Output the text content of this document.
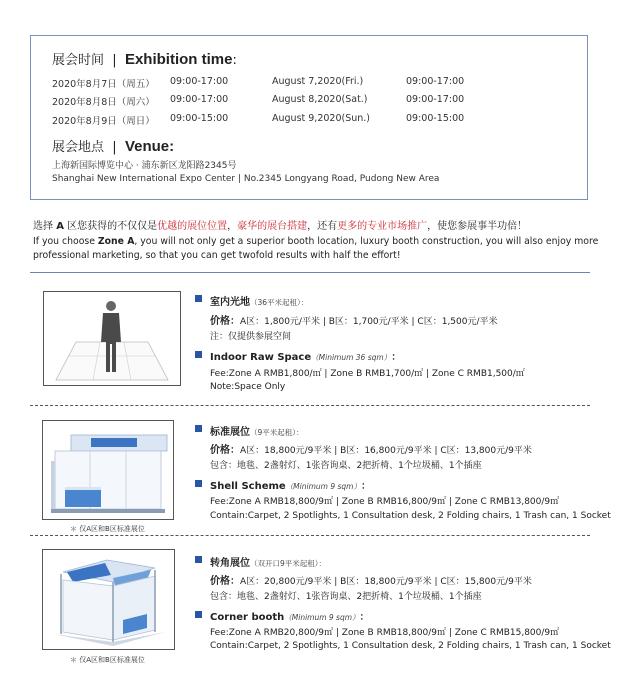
展会时间 | Exhibition time:
2020年8月7日（周五） 09:00-17:00	August 7,2020(Fri.)	09:00-17:00
2020年8月8日（周六） 09:00-17:00	August 8,2020(Sat.)	09:00-17:00
2020年8月9日（周日） 09:00-15:00	August 9,2020(Sun.)	09:00-15:00
展会地点 | Venue:
上海新国际博览中心 · 浦东新区龙阳路2345号
Shanghai New International Expo Center | No.2345 Longyang Road, Pudong New Area
选择 A 区您获得的不仅仅是优越的展位位置，豪华的展台搭建，还有更多的专业市场推广，使您参展事半功倍！
If you choose Zone A, you will not only get a superior booth location, luxury booth construction, you will also enjoy more professional marketing, so that you can get twofold results with half the effort!
室内光地（36平米起租）：
价格：A区：1,800元/平米 | B区：1,700元/平米 | C区：1,500元/平米
注：仅提供参展空间
Indoor Raw Space（Minimum 36 sqm）：
Fee:Zone A RMB1,800/㎡ | Zone B RMB1,700/㎡ | Zone C RMB1,500/㎡
Note:Space Only
＊ 仅A区和B区标准展位
标准展位（9平米起租）：
价格：A区：18,800元/9平米 | B区：16,800元/9平米 | C区：13,800元/9平米
包含：地毯、2盏射灯、1张咨询桌、2把折椅、1个垃圾桶、1个插座
Shell Scheme（Minimum 9 sqm）：
Fee:Zone A RMB18,800/9㎡ | Zone B RMB16,800/9㎡ | Zone C RMB13,800/9㎡
Contain:Carpet, 2 Spotlights, 1 Consultation desk, 2 Folding chairs, 1 Trash can, 1 Socket
＊ 仅A区和B区标准展位
转角展位（双开口9平米起租）：
价格：A区：20,800元/9平米 | B区：18,800元/9平米 | C区：15,800元/9平米
包含：地毯、2盏射灯、1张咨询桌、2把折椅、1个垃圾桶、1个插座
Corner booth（Minimum 9 sqm）：
Fee:Zone A RMB20,800/9㎡ | Zone B RMB18,800/9㎡ | Zone C RMB15,800/9㎡
Contain:Carpet, 2 Spotlights, 1 Consultation desk, 2 Folding chairs, 1 Trash can, 1 Socket
